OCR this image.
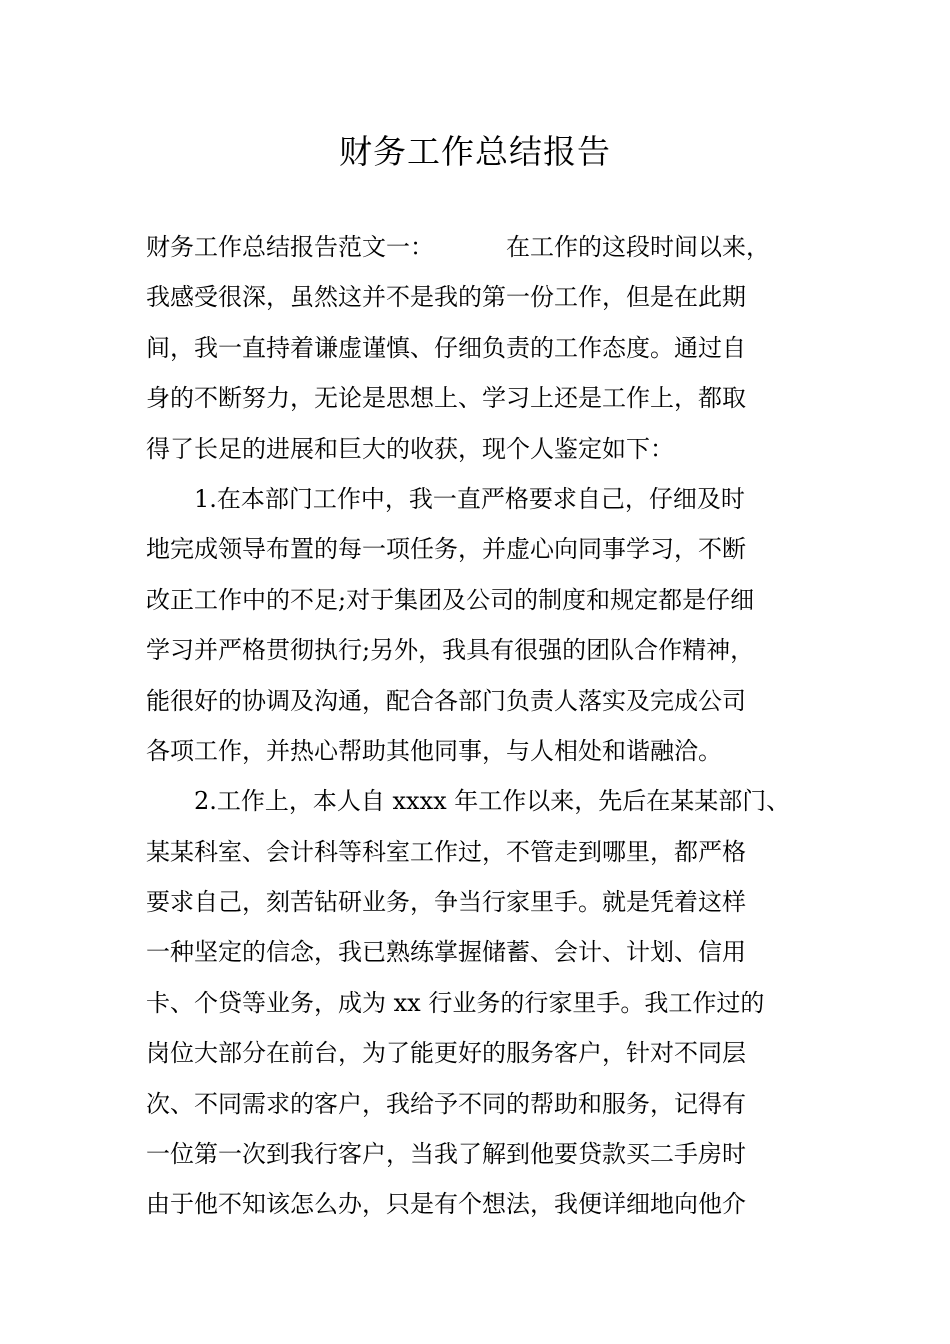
财务工作总结报告
财务工作总结报告范文一：	在工作的这段时间以来，
我感受很深，虽然这并不是我的第一份工作，但是在此期
间，我一直持着谦虚谨慎、仔细负责的工作态度。通过自
身的不断努力，无论是思想上、学习上还是工作上，都取
得了长足的进展和巨大的收获，现个人鉴定如下：
1.在本部门工作中，我一直严格要求自己，仔细及时
地完成领导布置的每一项任务，并虚心向同事学习，不断
改正工作中的不足;对于集团及公司的制度和规定都是仔细
学习并严格贯彻执行;另外，我具有很强的团队合作精神，
能很好的协调及沟通，配合各部门负责人落实及完成公司
各项工作，并热心帮助其他同事，与人相处和谐融洽。
2.工作上，本人自 xxxx 年工作以来，先后在某某部门、
某某科室、会计科等科室工作过，不管走到哪里，都严格
要求自己，刻苦钻研业务，争当行家里手。就是凭着这样
一种坚定的信念，我已熟练掌握储蓄、会计、计划、信用
卡、个贷等业务，成为 xx 行业务的行家里手。我工作过的
岗位大部分在前台，为了能更好的服务客户，针对不同层
次、不同需求的客户，我给予不同的帮助和服务，记得有
一位第一次到我行客户，当我了解到他要贷款买二手房时
由于他不知该怎么办，只是有个想法，我便详细地向他介
